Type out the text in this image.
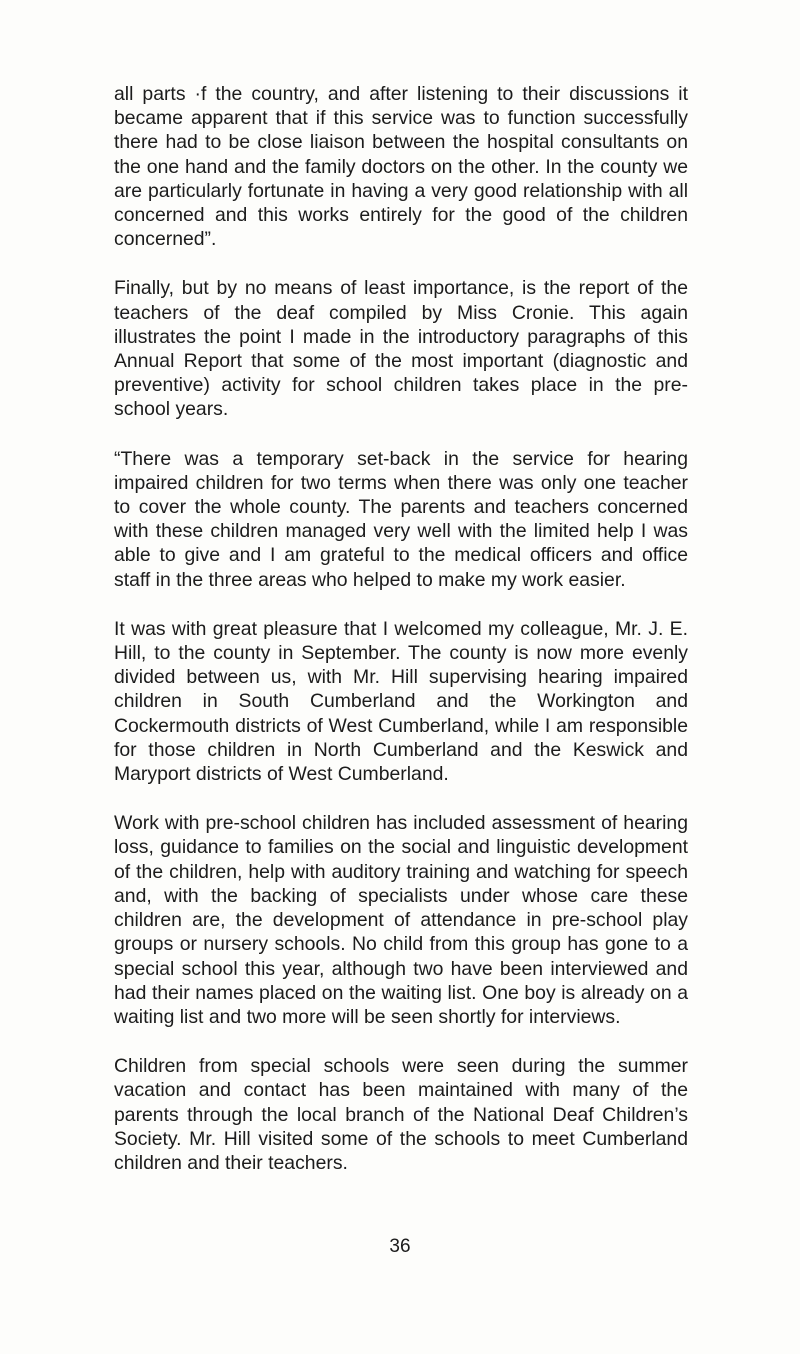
all parts ·f the country, and after listening to their discussions it became apparent that if this service was to function successfully there had to be close liaison between the hospital consultants on the one hand and the family doctors on the other. In the county we are particularly fortunate in having a very good relationship with all concerned and this works entirely for the good of the children concerned”.

Finally, but by no means of least importance, is the report of the teachers of the deaf compiled by Miss Cronie. This again illustrates the point I made in the introductory paragraphs of this Annual Report that some of the most important (diagnostic and preventive) activity for school children takes place in the pre-school years.

“There was a temporary set-back in the service for hearing impaired children for two terms when there was only one teacher to cover the whole county. The parents and teachers concerned with these children managed very well with the limited help I was able to give and I am grateful to the medical officers and office staff in the three areas who helped to make my work easier.

It was with great pleasure that I welcomed my colleague, Mr. J. E. Hill, to the county in September. The county is now more evenly divided between us, with Mr. Hill supervising hearing impaired children in South Cumberland and the Workington and Cockermouth districts of West Cumberland, while I am responsible for those children in North Cumberland and the Keswick and Maryport districts of West Cumberland.

Work with pre-school children has included assessment of hearing loss, guidance to families on the social and linguistic development of the children, help with auditory training and watching for speech and, with the backing of specialists under whose care these children are, the development of attendance in pre-school play groups or nursery schools. No child from this group has gone to a special school this year, although two have been interviewed and had their names placed on the waiting list. One boy is already on a waiting list and two more will be seen shortly for interviews.

Children from special schools were seen during the summer vacation and contact has been maintained with many of the parents through the local branch of the National Deaf Children’s Society. Mr. Hill visited some of the schools to meet Cumberland children and their teachers.

36
